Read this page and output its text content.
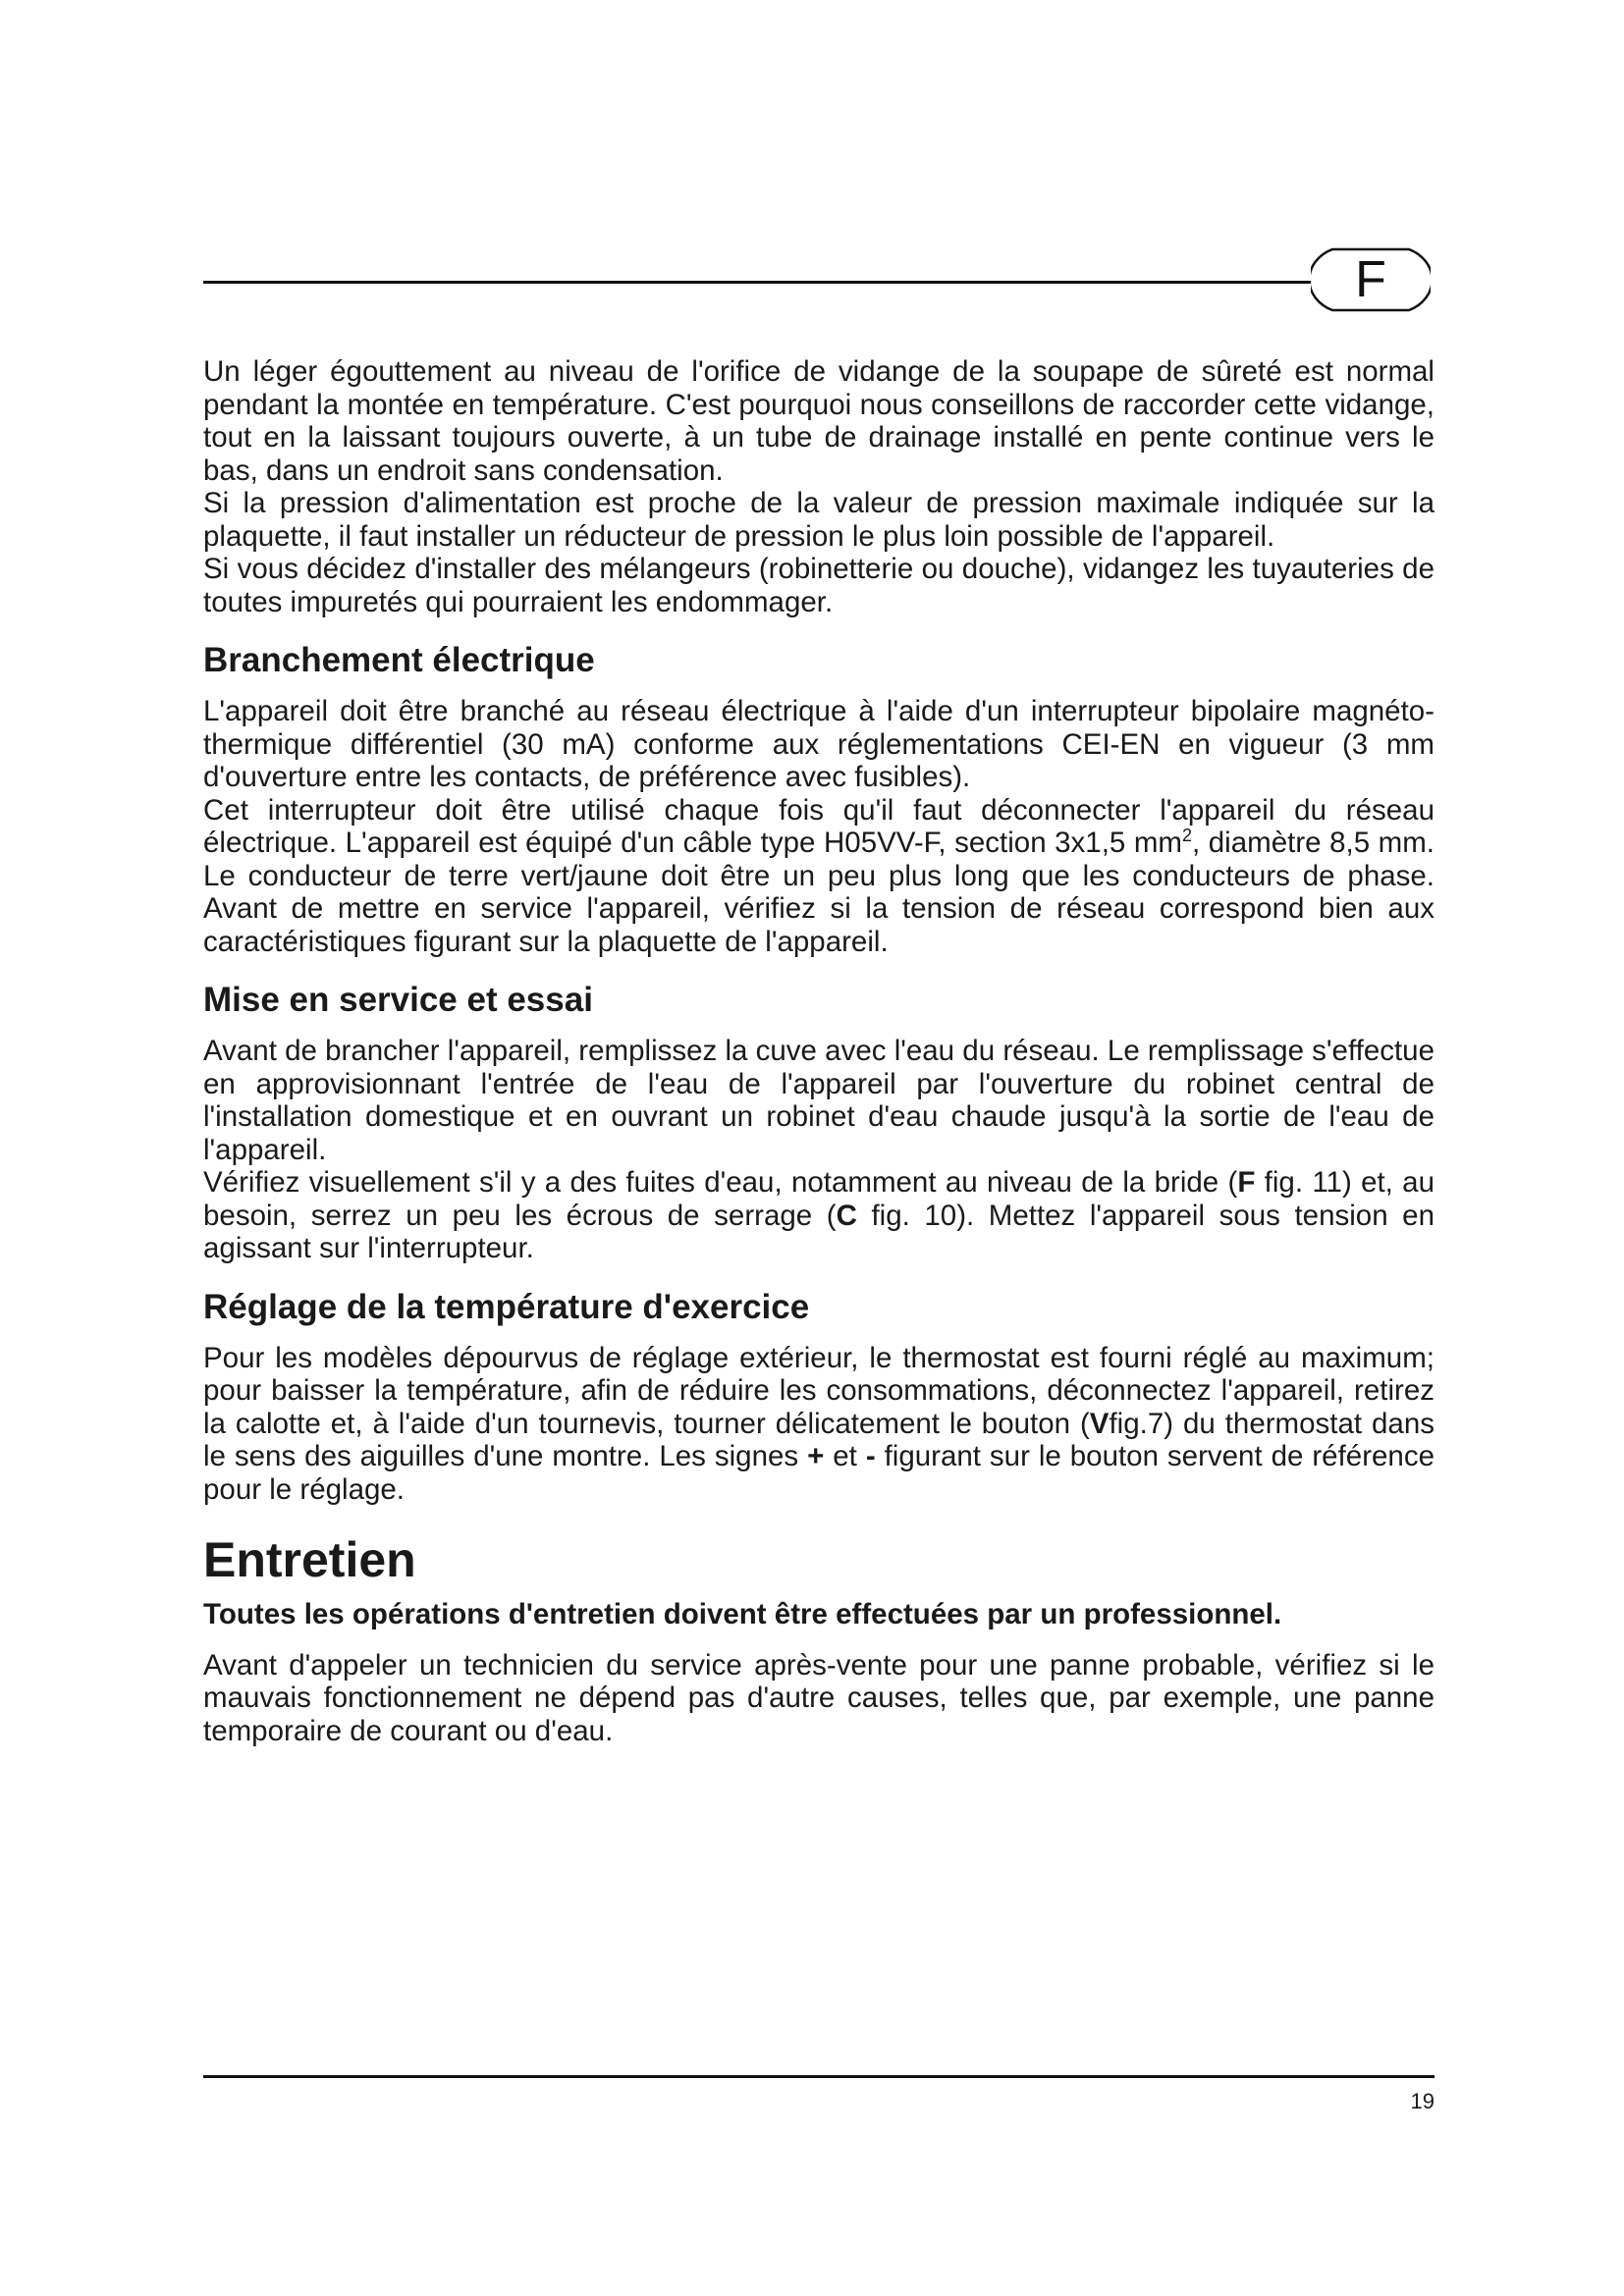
F

Un léger égouttement au niveau de l'orifice de vidange de la soupape de sûreté est normal pendant la montée en température. C'est pourquoi nous conseillons de raccorder cette vidange, tout en la laissant toujours ouverte, à un tube de drainage installé en pente continue vers le bas, dans un endroit sans condensation.

Si la pression d'alimentation est proche de la valeur de pression maximale indiquée sur la plaquette, il faut installer un réducteur de pression le plus loin possible de l'appareil.

Si vous décidez d'installer des mélangeurs (robinetterie ou douche), vidangez les tuyauteries de toutes impuretés qui pourraient les endommager.

Branchement électrique

L'appareil doit être branché au réseau électrique à l'aide d'un interrupteur bipolaire magnéto-thermique différentiel (30 mA) conforme aux réglementations CEI-EN en vigueur (3 mm d'ouverture entre les contacts, de préférence avec fusibles).

Cet interrupteur doit être utilisé chaque fois qu'il faut déconnecter l'appareil du réseau électrique. L'appareil est équipé d'un câble type H05VV-F, section 3x1,5 $mm^2$, diamètre 8,5 mm. Le conducteur de terre vert/jaune doit être un peu plus long que les conducteurs de phase. Avant de mettre en service l'appareil, vérifiez si la tension de réseau correspond bien aux caractéristiques figurant sur la plaquette de l'appareil.

Mise en service et essai

Avant de brancher l'appareil, remplissez la cuve avec l'eau du réseau. Le remplissage s'effectue en approvisionnant l'entrée de l'eau de l'appareil par l'ouverture du robinet central de l'installation domestique et en ouvrant un robinet d'eau chaude jusqu'à la sortie de l'eau de l'appareil.

Vérifiez visuellement s'il y a des fuites d'eau, notamment au niveau de la bride (F fig. 11) et, au besoin, serrez un peu les écrous de serrage (C fig. 10). Mettez l'appareil sous tension en agissant sur l'interrupteur.

Réglage de la température d'exercice

Pour les modèles dépourvus de réglage extérieur, le thermostat est fourni réglé au maximum; pour baisser la température, afin de réduire les consommations, déconnectez l'appareil, retirez la calotte et, à l'aide d'un tournevis, tourner délicatement le bouton (Vfig.7) du thermostat dans le sens des aiguilles d'une montre. Les signes + et - figurant sur le bouton servent de référence pour le réglage.

Entretien

Toutes les opérations d'entretien doivent être effectuées par un professionnel.

Avant d'appeler un technicien du service après-vente pour une panne probable, vérifiez si le mauvais fonctionnement ne dépend pas d'autre causes, telles que, par exemple, une panne temporaire de courant ou d'eau.

19
